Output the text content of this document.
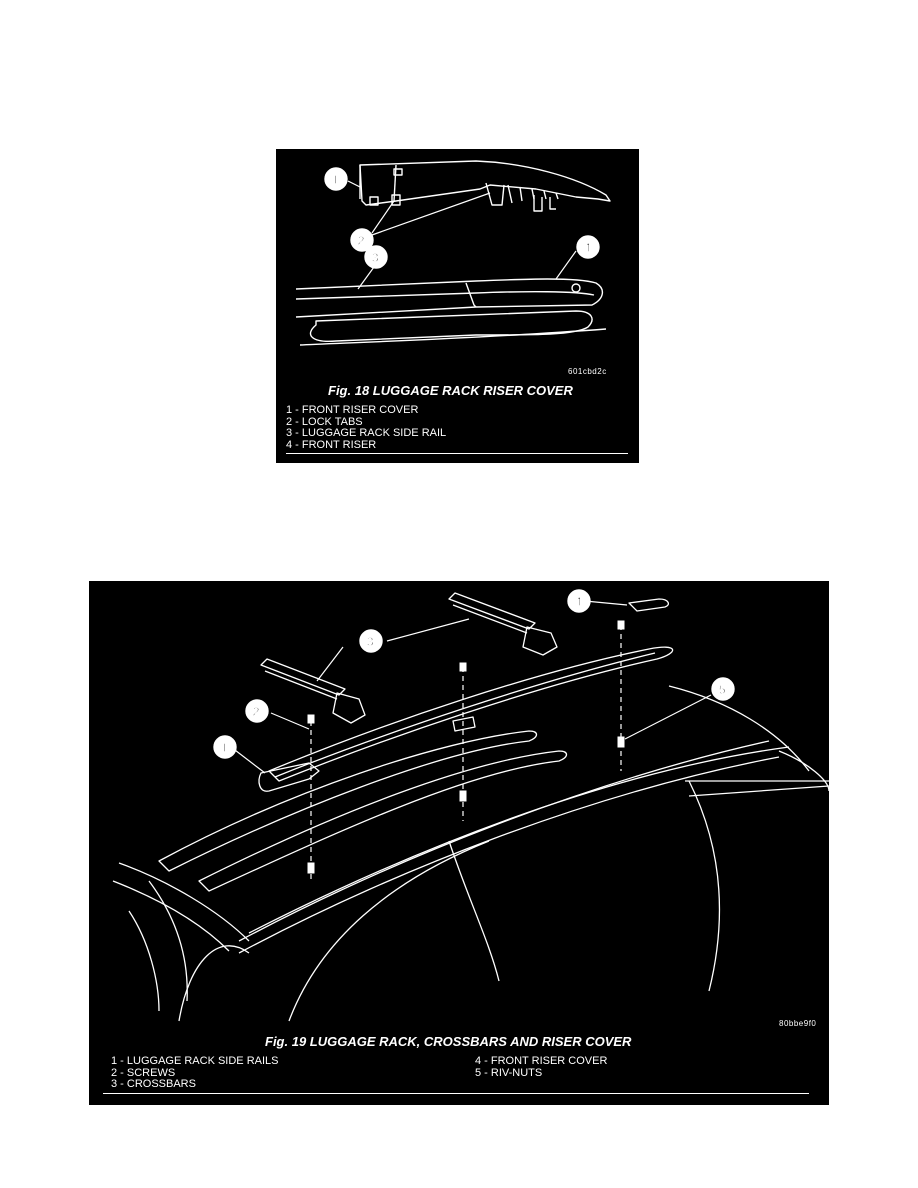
1
2
3
4
601cbd2c
Fig. 18 LUGGAGE RACK RISER COVER
1 - FRONT RISER COVER
2 - LOCK TABS
3 - LUGGAGE RACK SIDE RAIL
4 - FRONT RISER
1
2
3
4
5
80bbe9f0
Fig. 19 LUGGAGE RACK, CROSSBARS AND RISER COVER
1 - LUGGAGE RACK SIDE RAILS
2 - SCREWS
3 - CROSSBARS
4 - FRONT RISER COVER
5 - RIV-NUTS
